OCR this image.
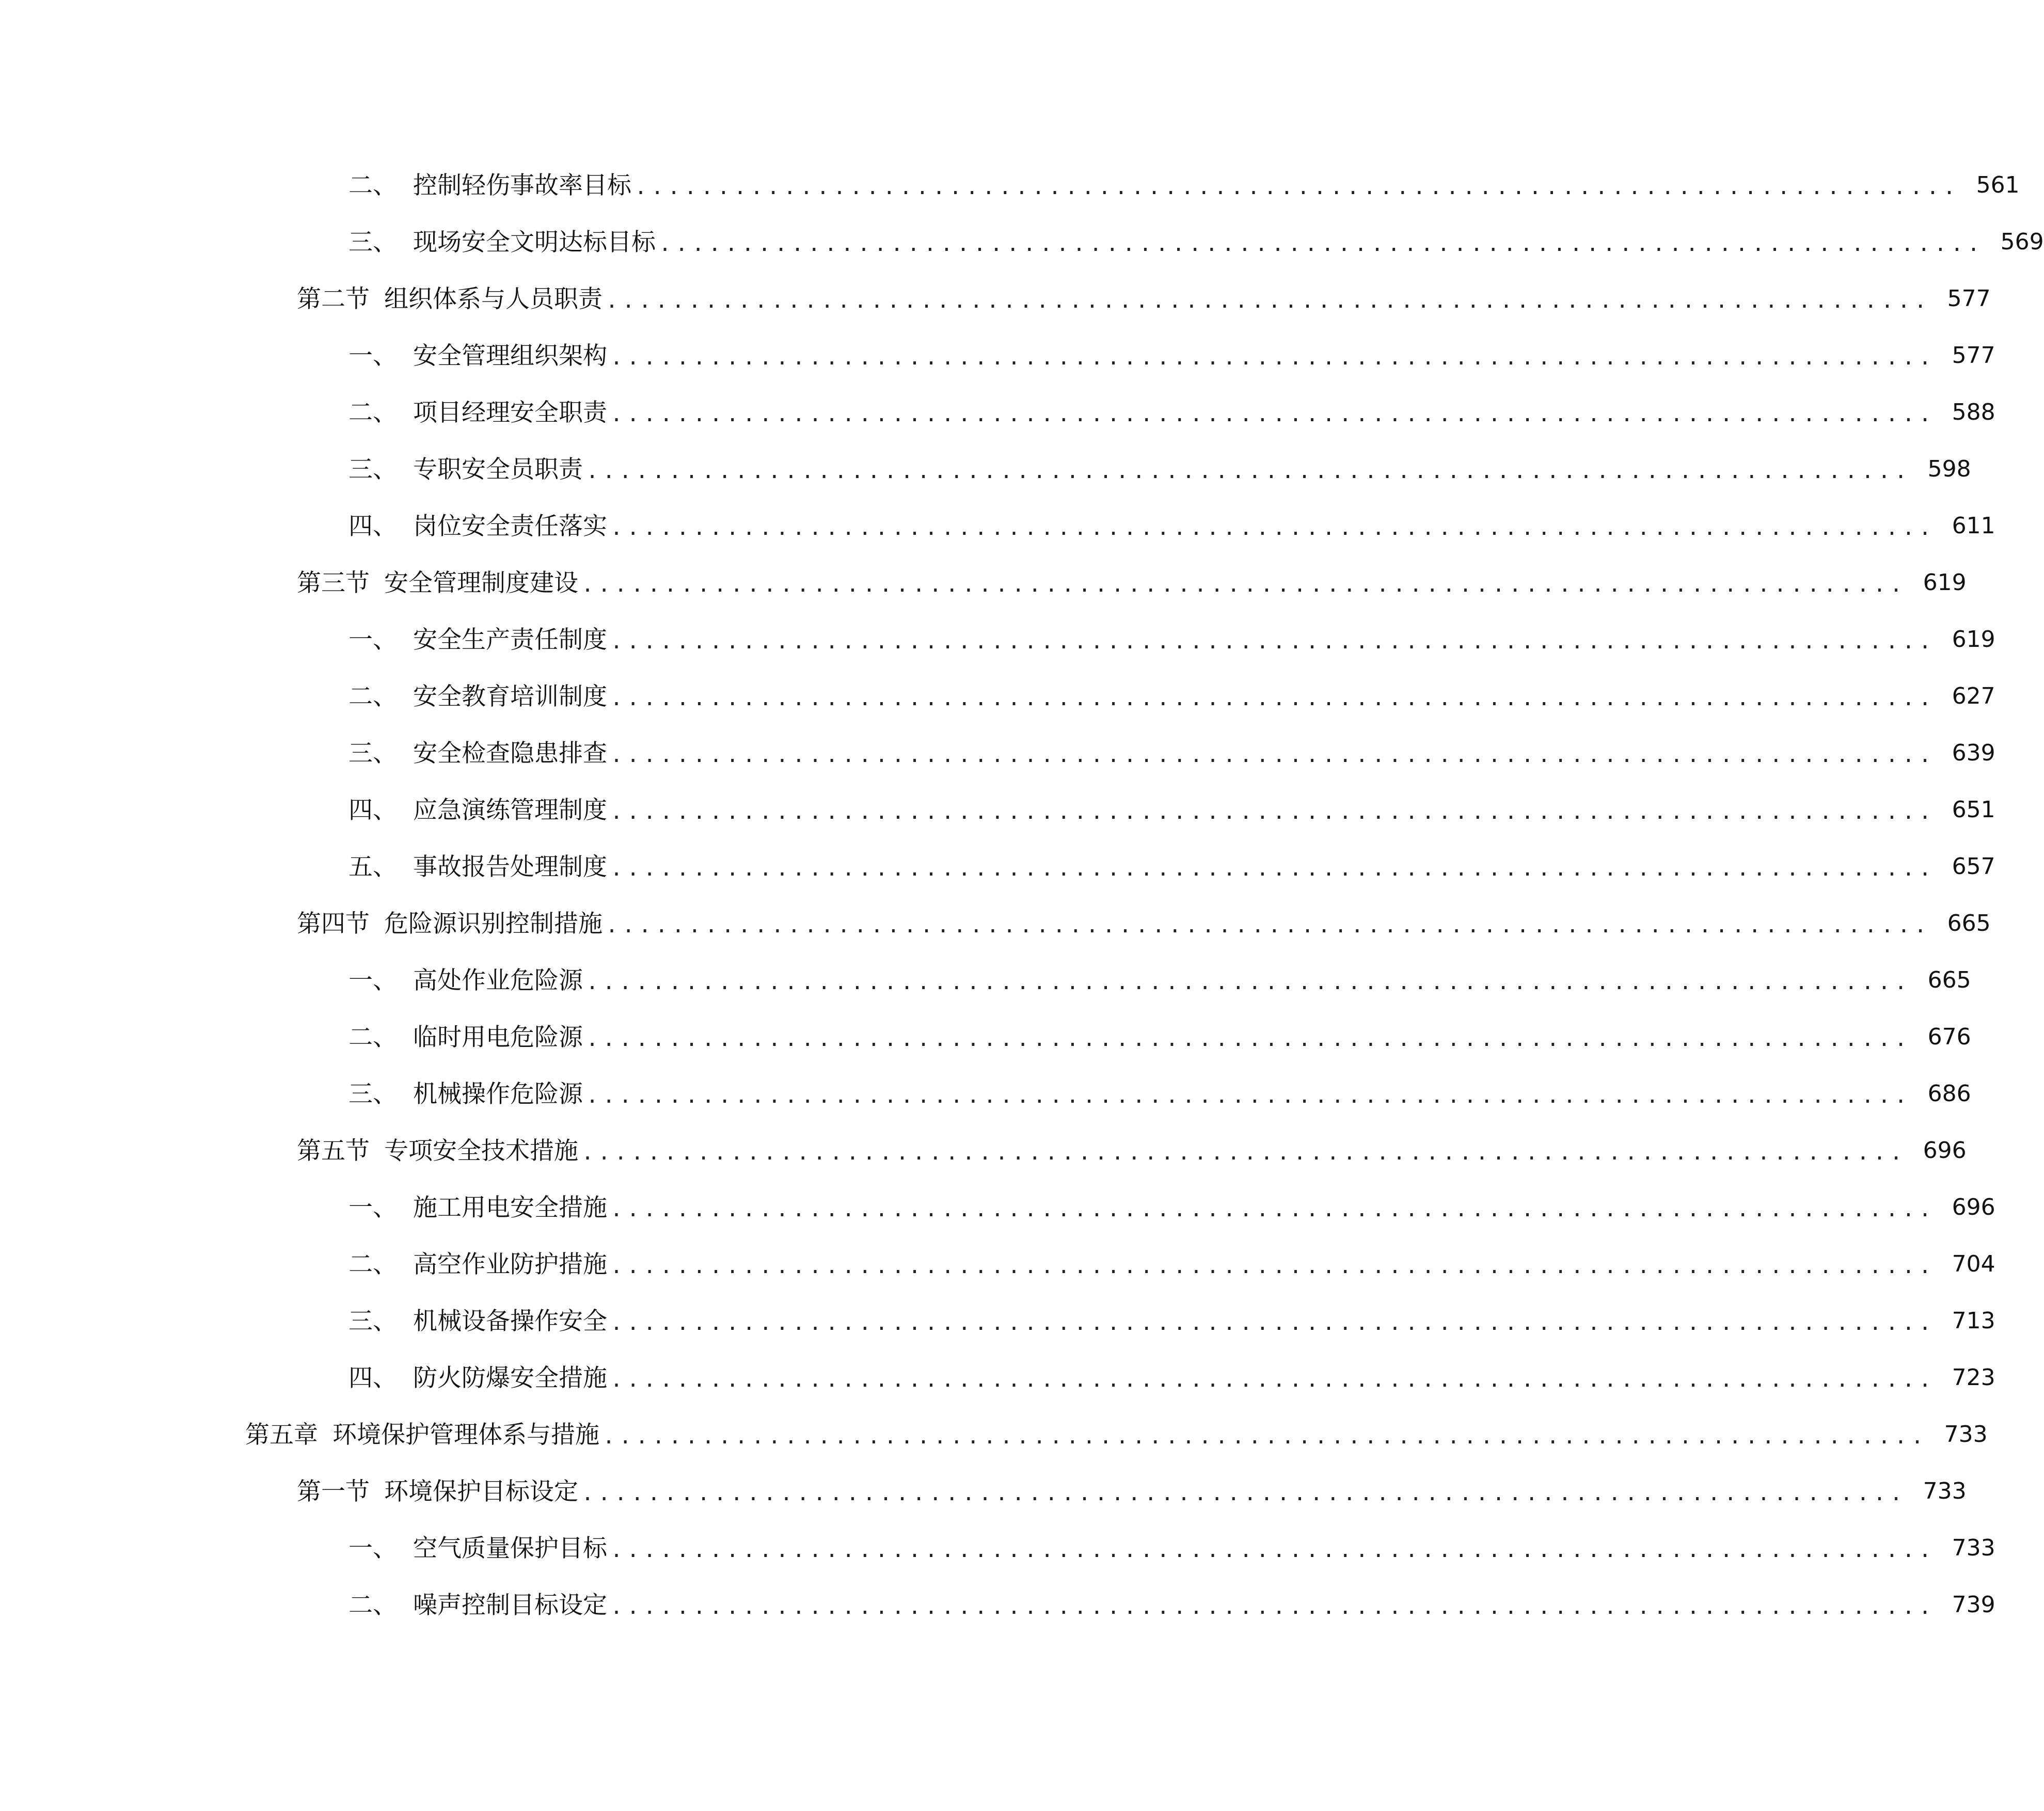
二、 控制轻伤事故率目标 ................................................................................ 561
三、 现场安全文明达标目标 ................................................................................ 569
第二节 组织体系与人员职责 ................................................................................ 577
一、 安全管理组织架构 ................................................................................ 577
二、 项目经理安全职责 ................................................................................ 588
三、 专职安全员职责 ................................................................................ 598
四、 岗位安全责任落实 ................................................................................ 611
第三节 安全管理制度建设 ................................................................................ 619
一、 安全生产责任制度 ................................................................................ 619
二、 安全教育培训制度 ................................................................................ 627
三、 安全检查隐患排查 ................................................................................ 639
四、 应急演练管理制度 ................................................................................ 651
五、 事故报告处理制度 ................................................................................ 657
第四节 危险源识别控制措施 ................................................................................ 665
一、 高处作业危险源 ................................................................................ 665
二、 临时用电危险源 ................................................................................ 676
三、 机械操作危险源 ................................................................................ 686
第五节 专项安全技术措施 ................................................................................ 696
一、 施工用电安全措施 ................................................................................ 696
二、 高空作业防护措施 ................................................................................ 704
三、 机械设备操作安全 ................................................................................ 713
四、 防火防爆安全措施 ................................................................................ 723
第五章 环境保护管理体系与措施 ................................................................................ 733
第一节 环境保护目标设定 ................................................................................ 733
一、 空气质量保护目标 ................................................................................ 733
二、 噪声控制目标设定 ................................................................................ 739
